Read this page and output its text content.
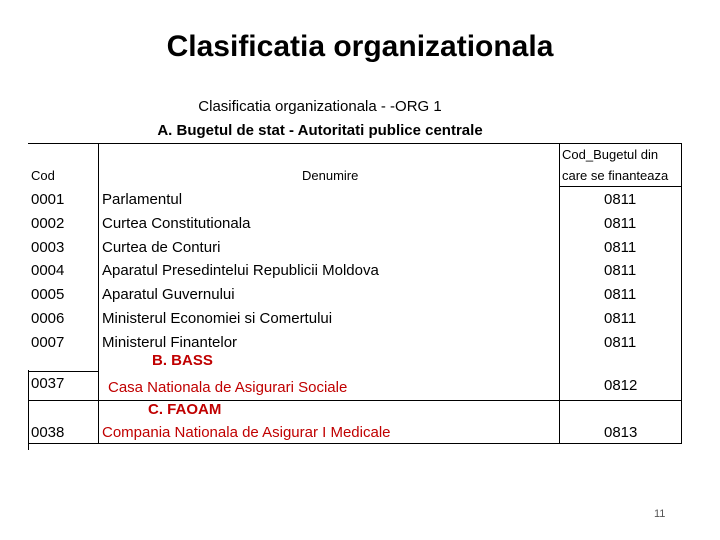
Clasificatia organizationala
Clasificatia organizationala - -ORG 1
A. Bugetul de stat - Autoritati publice centrale
Cod	Denumire
Cod_Bugetul din
care se finanteaza
0001	Parlamentul	0811
0002	Curtea Constitutionala	0811
0003	Curtea de Conturi	0811
0004	Aparatul Presedintelui Republicii Moldova	0811
0005	Aparatul Guvernului	0811
0006	Ministerul Economiei si Comertului	0811
0007	Ministerul Finantelor	0811
B. BASS
0037	Casa Nationala de Asigurari Sociale	0812
C. FAOAM
0038	Compania Nationala de Asigurar I Medicale	0813
11
